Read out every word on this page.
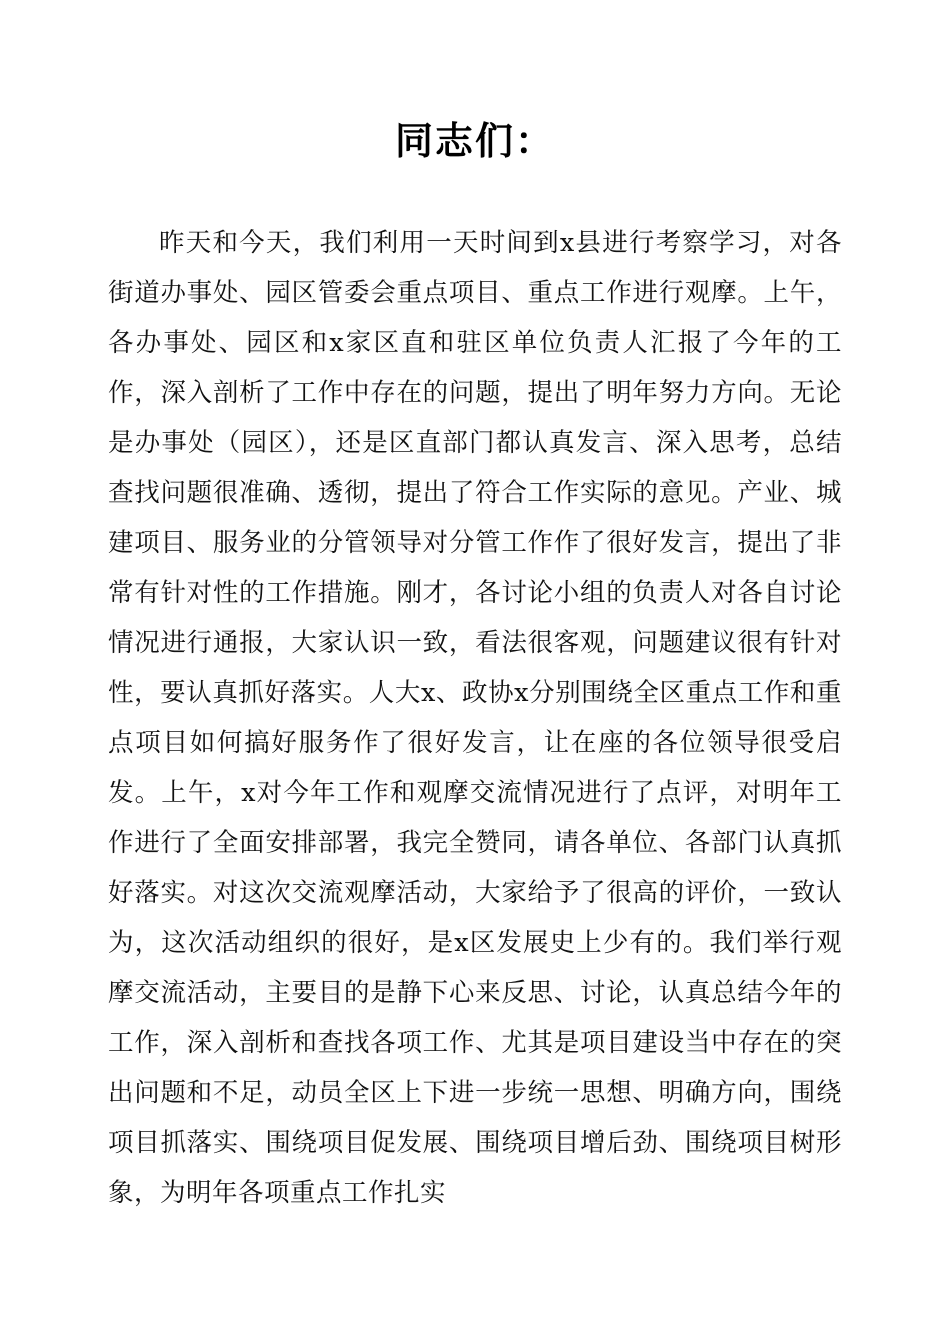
同志们：

昨天和今天，我们利用一天时间到x县进行考察学习，对各街道办事处、园区管委会重点项目、重点工作进行观摩。上午，各办事处、园区和x家区直和驻区单位负责人汇报了今年的工作，深入剖析了工作中存在的问题，提出了明年努力方向。无论是办事处（园区），还是区直部门都认真发言、深入思考，总结查找问题很准确、透彻，提出了符合工作实际的意见。产业、城建项目、服务业的分管领导对分管工作作了很好发言，提出了非常有针对性的工作措施。刚才，各讨论小组的负责人对各自讨论情况进行通报，大家认识一致，看法很客观，问题建议很有针对性，要认真抓好落实。人大x、政协x分别围绕全区重点工作和重点项目如何搞好服务作了很好发言，让在座的各位领导很受启发。上午，x对今年工作和观摩交流情况进行了点评，对明年工作进行了全面安排部署，我完全赞同，请各单位、各部门认真抓好落实。对这次交流观摩活动，大家给予了很高的评价，一致认为，这次活动组织的很好，是x区发展史上少有的。我们举行观摩交流活动，主要目的是静下心来反思、讨论，认真总结今年的工作，深入剖析和查找各项工作、尤其是项目建设当中存在的突出问题和不足，动员全区上下进一步统一思想、明确方向，围绕项目抓落实、围绕项目促发展、围绕项目增后劲、围绕项目树形象，为明年各项重点工作扎实
